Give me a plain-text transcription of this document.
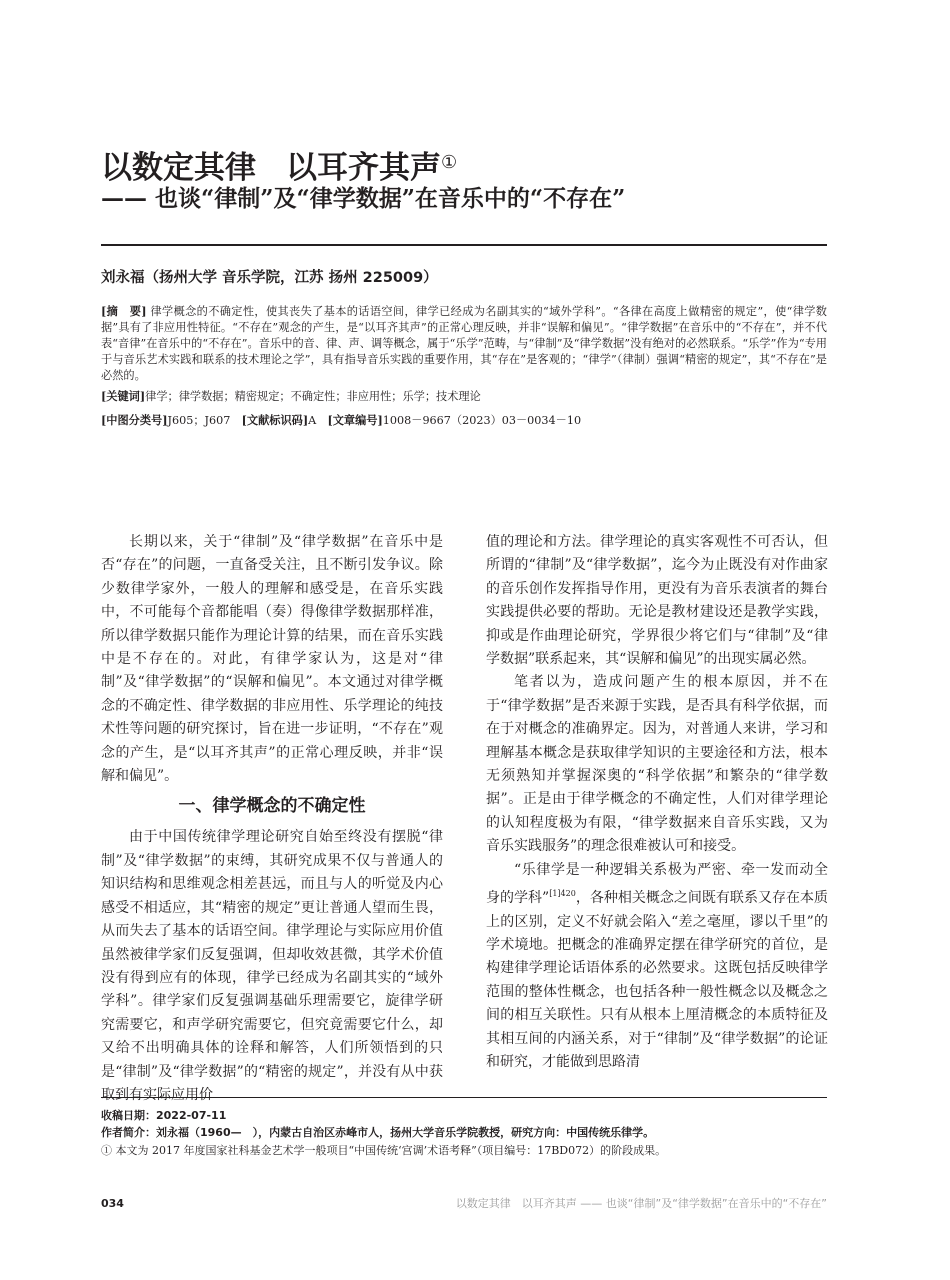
以数定其律 以耳齐其声①
—— 也谈“律制”及“律学数据”在音乐中的“不存在”
刘永福（扬州大学 音乐学院，江苏 扬州 225009）
[摘　要] 律学概念的不确定性，使其丧失了基本的话语空间，律学已经成为名副其实的“域外学科”。“各律在高度上做精密的规定”，使“律学数据”具有了非应用性特征。“不存在”观念的产生，是“以耳齐其声”的正常心理反映，并非“误解和偏见”。“律学数据”在音乐中的“不存在”，并不代表“音律”在音乐中的“不存在”。音乐中的音、律、声、调等概念，属于“乐学”范畴，与“律制”及“律学数据”没有绝对的必然联系。“乐学”作为“专用于与音乐艺术实践和联系的技术理论之学”，具有指导音乐实践的重要作用，其“存在”是客观的；“律学”（律制）强调“精密的规定”，其“不存在”是必然的。
[关键词]律学；律学数据；精密规定；不确定性；非应用性；乐学；技术理论
[中图分类号]J605；J607　 [文献标识码]A　 [文章编号]1008－9667（2023）03－0034－10

长期以来，关于“律制”及“律学数据”在音乐中是否“存在”的问题，一直备受关注，且不断引发争议。除少数律学家外，一般人的理解和感受是，在音乐实践中，不可能每个音都能唱（奏）得像律学数据那样准，所以律学数据只能作为理论计算的结果，而在音乐实践中是不存在的。对此，有律学家认为，这是对“律制”及“律学数据”的“误解和偏见”。本文通过对律学概念的不确定性、律学数据的非应用性、乐学理论的纯技术性等问题的研究探讨，旨在进一步证明，“不存在”观念的产生，是“以耳齐其声”的正常心理反映，并非“误解和偏见”。

一、律学概念的不确定性

由于中国传统律学理论研究自始至终没有摆脱“律制”及“律学数据”的束缚，其研究成果不仅与普通人的知识结构和思维观念相差甚远，而且与人的听觉及内心感受不相适应，其“精密的规定”更让普通人望而生畏，从而失去了基本的话语空间。律学理论与实际应用价值虽然被律学家们反复强调，但却收效甚微，其学术价值没有得到应有的体现，律学已经成为名副其实的“域外学科”。律学家们反复强调基础乐理需要它，旋律学研究需要它，和声学研究需要它，但究竟需要它什么，却又给不出明确具体的诠释和解答，人们所领悟到的只是“律制”及“律学数据”的“精密的规定”，并没有从中获取到有实际应用价

值的理论和方法。律学理论的真实客观性不可否认，但所谓的“律制”及“律学数据”，迄今为止既没有对作曲家的音乐创作发挥指导作用，更没有为音乐表演者的舞台实践提供必要的帮助。无论是教材建设还是教学实践，抑或是作曲理论研究，学界很少将它们与“律制”及“律学数据”联系起来，其“误解和偏见”的出现实属必然。

笔者以为，造成问题产生的根本原因，并不在于“律学数据”是否来源于实践，是否具有科学依据，而在于对概念的准确界定。因为，对普通人来讲，学习和理解基本概念是获取律学知识的主要途径和方法，根本无须熟知并掌握深奥的“科学依据”和繁杂的“律学数据”。正是由于律学概念的不确定性，人们对律学理论的认知程度极为有限，“律学数据来自音乐实践，又为音乐实践服务”的理念很难被认可和接受。

“乐律学是一种逻辑关系极为严密、牵一发而动全身的学科”$^{[1]420}$，各种相关概念之间既有联系又存在本质上的区别，定义不好就会陷入“差之毫厘，谬以千里”的学术境地。把概念的准确界定摆在律学研究的首位，是构建律学理论话语体系的必然要求。这既包括反映律学范围的整体性概念，也包括各种一般性概念以及概念之间的相互关联性。只有从根本上厘清概念的本质特征及其相互间的内涵关系，对于“律制”及“律学数据”的论证和研究，才能做到思路清

收稿日期：2022-07-11
作者简介：刘永福（1960—　），内蒙古自治区赤峰市人，扬州大学音乐学院教授，研究方向：中国传统乐律学。
① 本文为 2017 年度国家社科基金艺术学一般项目“中国传统‘宫调’术语考释”（项目编号：17BD072）的阶段成果。
034	以数定其律　以耳齐其声 —— 也谈“律制”及“律学数据”在音乐中的“不存在”
